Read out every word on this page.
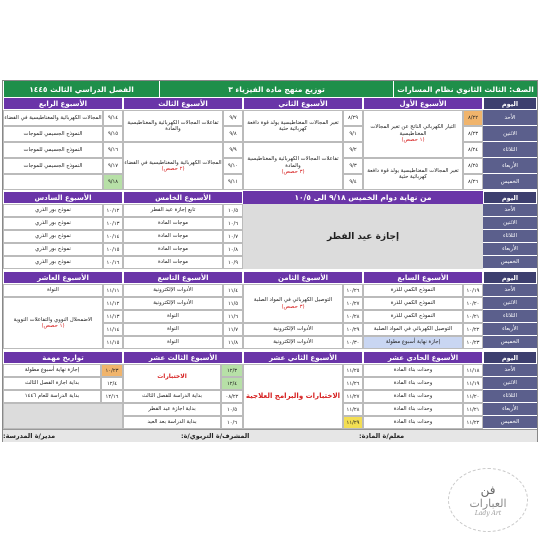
الصف: الثالث الثانوي نظام المسارات
توزيع منهج مادة الفيزياء ٣
الفصل الدراسي الثالث ١٤٤٥
اليوم
الأحد
الاثنين
الثلاثاء
الأربعاء
الخميس
الأسبوع الأول
٨/٢٢
٨/٢٣
٨/٢٤
٨/٢٥
٨/٢٦
التيار الكهربائي الناتج عن تغير المجالات المغناطيسية
(١ حصص)
تغير المجالات المغناطيسية يولد قوة دافعة كهربائية حثية
الأسبوع الثاني
٨/٢٩
٩/١
٩/٢
٩/٣
٩/٤
تغير المجالات المغناطيسية يولد قوة دافعة كهربائية حثية
تفاعلات المجالات الكهربائية والمغناطيسية والمادة
(٣ حصص)
الأسبوع الثالث
٩/٧
٩/٨
٩/٩
٩/١٠
٩/١١
تفاعلات المجالات الكهربائية والمغناطيسية والمادة
المجالات الكهربائية والمغناطيسية في الفضاء
(٢ حصص)
الأسبوع الرابع
٩/١٤
٩/١٥
٩/١٦
٩/١٧
٩/١٨
المجالات الكهربائية والمغناطيسية في الفضاء
النموذج الجسيمي للموجات
النموذج الجسيمي للموجات
النموذج الجسيمي للموجات
اليوم
الأحد
الاثنين
الثلاثاء
الأربعاء
الخميس
من نهاية دوام الخميس ٩/١٨ الى ١٠/٥
إجازة عيد الفطر
الأسبوع الخامس
١٠/٥
١٠/٦
١٠/٧
١٠/٨
١٠/٩
تابع إجازة عيد الفطر
موجات المادة
موجات المادة
موجات المادة
موجات المادة
الأسبوع السادس
١٠/١٢
١٠/١٣
١٠/١٤
١٠/١٥
١٠/١٦
نموذج بور الذري
نموذج بور الذري
نموذج بور الذري
نموذج بور الذري
نموذج بور الذري
اليوم
الأحد
الاثنين
الثلاثاء
الأربعاء
الخميس
الأسبوع السابع
١٠/١٩
١٠/٢٠
١٠/٢١
١٠/٢٢
١٠/٢٣
النموذج الكمي للذرة
النموذج الكمي للذرة
النموذج الكمي للذرة
التوصيل الكهربائي في المواد الصلبة
إجازة نهاية أسبوع مطولة
الأسبوع الثامن
١٠/٢٦
١٠/٢٧
١٠/٢٨
١٠/٢٩
١٠/٣٠
التوصيل الكهربائي في المواد الصلبة
(٣ حصص)
الأدوات الإلكترونية
الأدوات الإلكترونية
الأسبوع التاسع
١١/٤
١١/٥
١١/٦
١١/٧
١١/٨
الأدوات الإلكترونية
الأدوات الإلكترونية
النواة
النواة
النواة
الأسبوع العاشر
١١/١١
١١/١٢
١١/١٣
١١/١٤
١١/١٥
النواة
الاضمحلال النووي والتفاعلات النووية
(١ حصص)
اليوم
الأحد
الاثنين
الثلاثاء
الأربعاء
الخميس
الأسبوع الحادي عشر
١١/١٨
١١/١٩
١١/٢٠
١١/٢١
١١/٢٢
وحدات بناء المادة
وحدات بناء المادة
وحدات بناء المادة
وحدات بناء المادة
وحدات بناء المادة
الأسبوع الثاني عشر
١١/٢٥
١١/٢٦
١١/٢٧
١١/٢٨
١١/٢٩
الاختبارات والبرامج العلاجية
الأسبوع الثالث عشر
١٢/٣
١٢/٤
٠٨/٢٢
١٠/٥
١٠/٦
الاختبارات
بداية الدراسة للفصل الثالث
بداية اجازة عيد الفطر
بداية الدراسة بعد العيد
تواريخ مهمة
١٠/٢٣
١٢/٤
١٢/١٦
إجازة نهاية أسبوع مطولة
بداية اجازة الفصل الثالث
بداية الدراسة للعام ١٤٤٦
معلم/ة المادة:
المشرف/ة التربوي/ة:
مدير/ة المدرسة:
فن
العبارات
Lady Art
